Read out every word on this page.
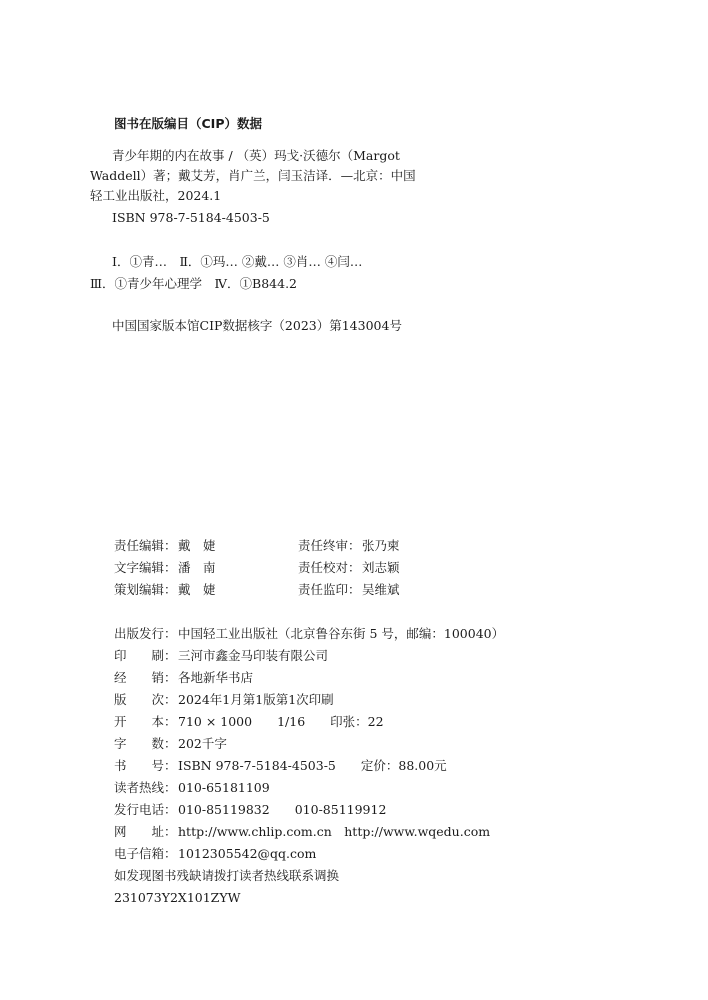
图书在版编目（CIP）数据
青少年期的内在故事 / （英）玛戈·沃德尔（Margot
Waddell）著；戴艾芳，肖广兰，闫玉洁译．—北京：中国
轻工业出版社，2024.1
ISBN 978-7-5184-4503-5
Ⅰ．①青…　Ⅱ．①玛… ②戴… ③肖… ④闫…
Ⅲ．①青少年心理学　Ⅳ．①B844.2
中国国家版本馆CIP数据核字（2023）第143004号
责任编辑： 戴　婕	责任终审： 张乃柬
文字编辑： 潘　南	责任校对： 刘志颖
策划编辑： 戴　婕	责任监印： 吴维斌
出版发行： 中国轻工业出版社（北京鲁谷东街 5 号，邮编：100040）
印　　刷： 三河市鑫金马印装有限公司
经　　销： 各地新华书店
版　　次： 2024年1月第1版第1次印刷
开　　本： 710 × 1000　　1/16　　印张：22
字　　数： 202千字
书　　号： ISBN 978-7-5184-4503-5　　定价：88.00元
读者热线： 010-65181109
发行电话： 010-85119832　　010-85119912
网　　址： http://www.chlip.com.cn　http://www.wqedu.com
电子信箱： 1012305542@qq.com
如发现图书残缺请拨打读者热线联系调换
231073Y2X101ZYW
